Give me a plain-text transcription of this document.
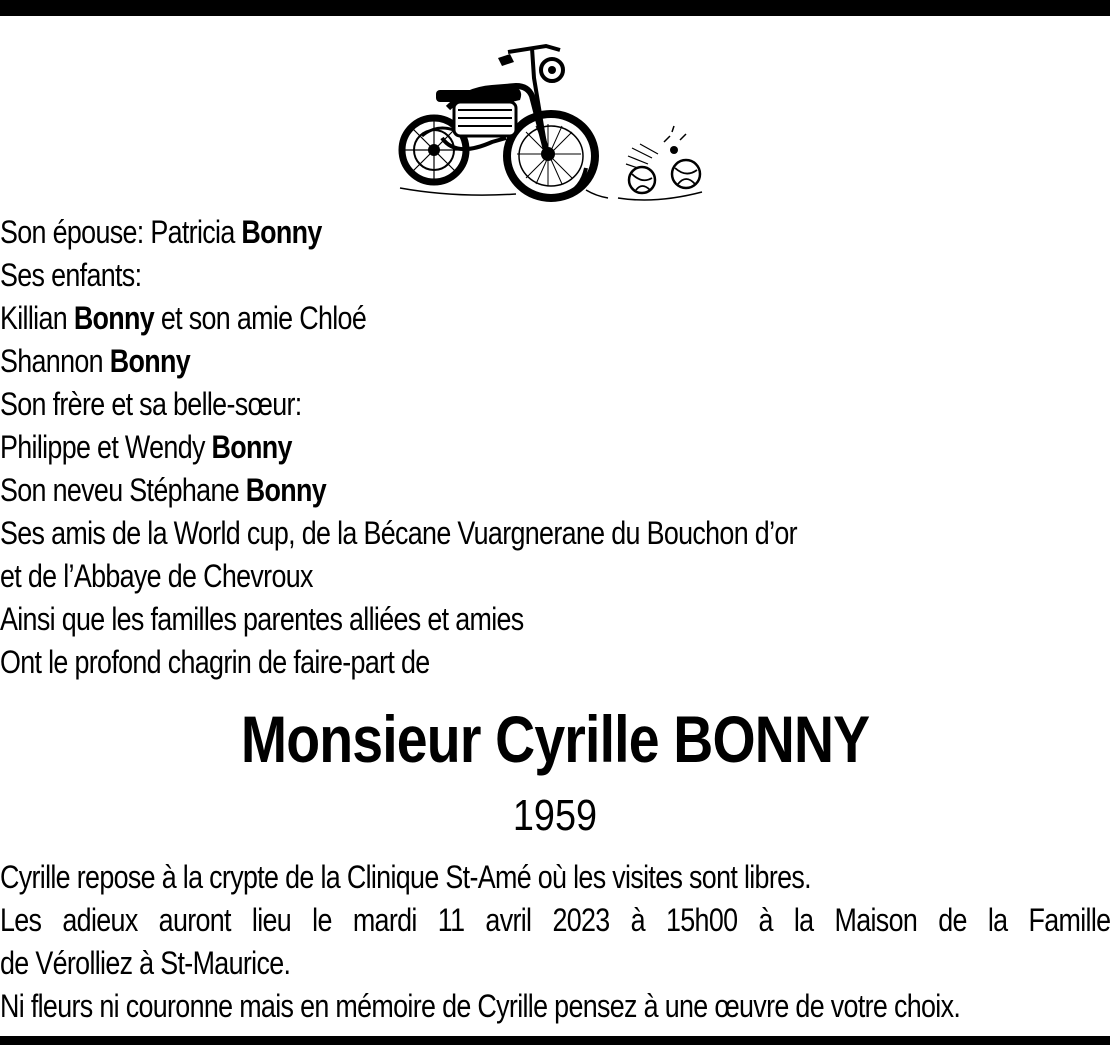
Son épouse: Patricia Bonny
Ses enfants:
Killian Bonny et son amie Chloé
Shannon Bonny
Son frère et sa belle-sœur:
Philippe et Wendy Bonny
Son neveu Stéphane Bonny
Ses amis de la World cup, de la Bécane Vuargnerane du Bouchon d’or
et de l’Abbaye de Chevroux
Ainsi que les familles parentes alliées et amies
Ont le profond chagrin de faire-part de
Monsieur Cyrille BONNY
1959

Cyrille repose à la crypte de la Clinique St-Amé où les visites sont libres.

Les adieux auront lieu le mardi 11 avril 2023 à 15h00 à la Maison de la Famille

de Vérolliez à St-Maurice.

Ni fleurs ni couronne mais en mémoire de Cyrille pensez à une œuvre de votre choix.
